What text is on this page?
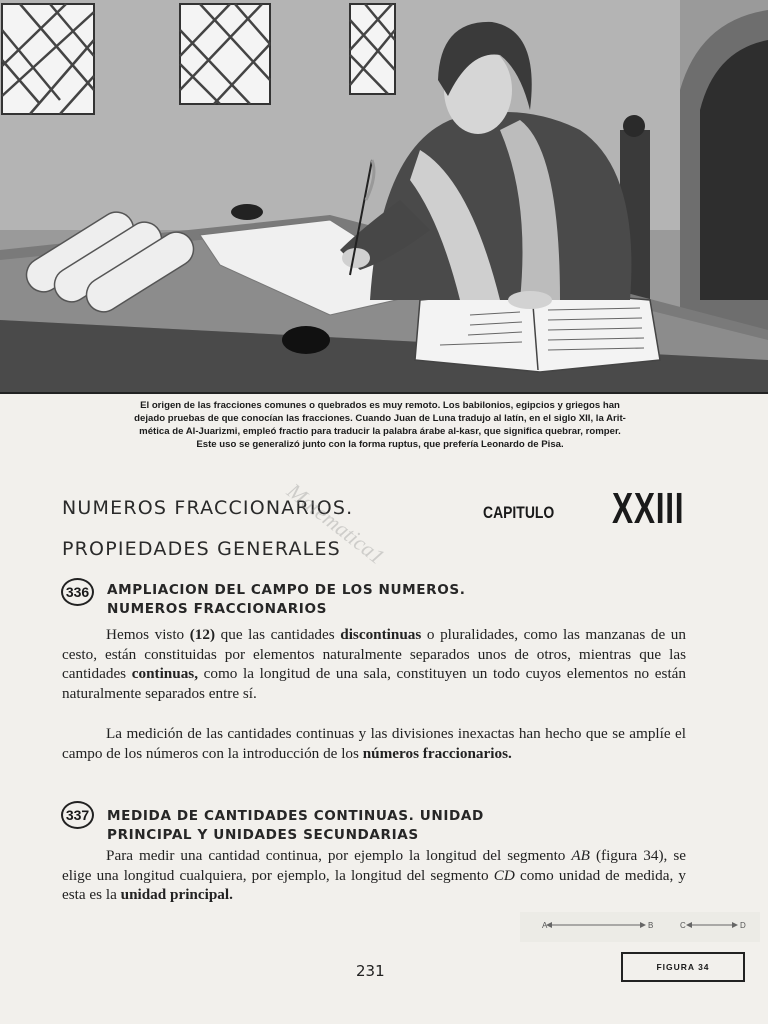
El origen de las fracciones comunes o quebrados es muy remoto. Los babilonios, egipcios y griegos han

dejado pruebas de que conocían las fracciones. Cuando Juan de Luna tradujo al latín, en el siglo XII, la Arit-

mética de Al-Juarizmi, empleó fractio para traducir la palabra árabe al-kasr, que significa quebrar, romper.

Este uso se generalizó junto con la forma ruptus, que prefería Leonardo de Pisa.

NUMEROS FRACCIONARIOS.
PROPIEDADES GENERALES
CAPITULO XXIII
Matematica1
336	AMPLIACION DEL CAMPO DE LOS NUMEROS.
NUMEROS FRACCIONARIOS

Hemos visto (12) que las cantidades discontinuas o pluralidades, como las manzanas de un cesto, están constituidas por elementos naturalmente separados unos de otros, mientras que las cantidades continuas, como la longitud de una sala, constituyen un todo cuyos elementos no están naturalmente separados entre sí.

La medición de las cantidades continuas y las divisiones inexactas han hecho que se amplíe el campo de los números con la introducción de los números fraccionarios.

337	MEDIDA DE CANTIDADES CONTINUAS. UNIDAD
PRINCIPAL Y UNIDADES SECUNDARIAS

Para medir una cantidad continua, por ejemplo la longitud del segmento AB (figura 34), se elige una longitud cualquiera, por ejemplo, la longitud del segmento CD como unidad de medida, y esta es la unidad principal.

A	B	C	D
FIGURA 34
231
